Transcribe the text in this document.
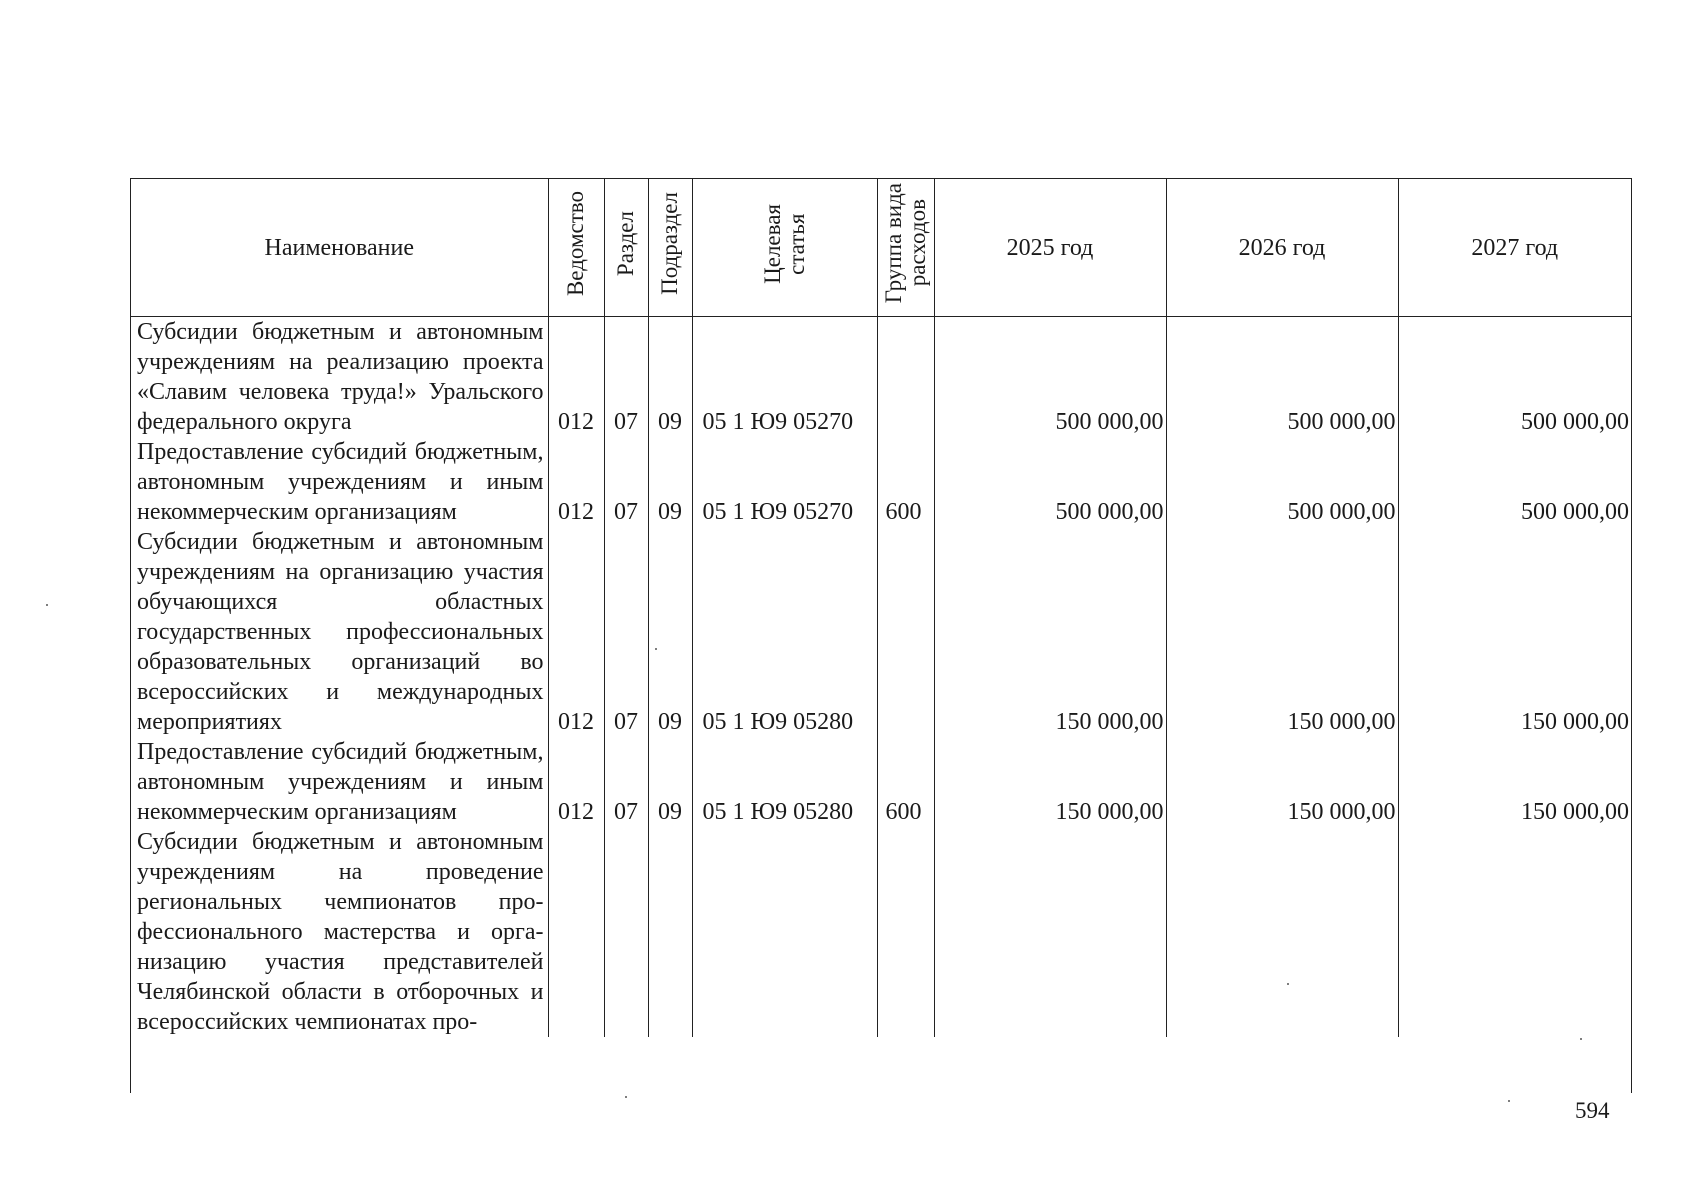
Наименование	Ведомство	Раздел	Подраздел	Целевая статья	Группа вида расходов	2025 год	2026 год	2027 год
Субсидии бюджетным и автономным учреждениям на реализацию проекта «Славим человека труда!» Уральского федерального округа	012	07	09	05 1 Ю9 05270		500 000,00	500 000,00	500 000,00
Предоставление субсидий бюджетным, автономным учреждениям и иным некоммерческим организациям	012	07	09	05 1 Ю9 05270	600	500 000,00	500 000,00	500 000,00
Субсидии бюджетным и автономным учреждениям на организацию участия обучающихся областных государственных профессиональных образовательных организаций во всероссийских и международных мероприятиях	012	07	09	05 1 Ю9 05280		150 000,00	150 000,00	150 000,00
Предоставление субсидий бюджетным, автономным учреждениям и иным некоммерческим организациям	012	07	09	05 1 Ю9 05280	600	150 000,00	150 000,00	150 000,00
Субсидии бюджетным и автономным учреждениям на проведение региональных чемпионатов профессионального мастерства и организацию участия представителей Челябинской области в отборочных и всероссийских чемпионатах про-								
594
